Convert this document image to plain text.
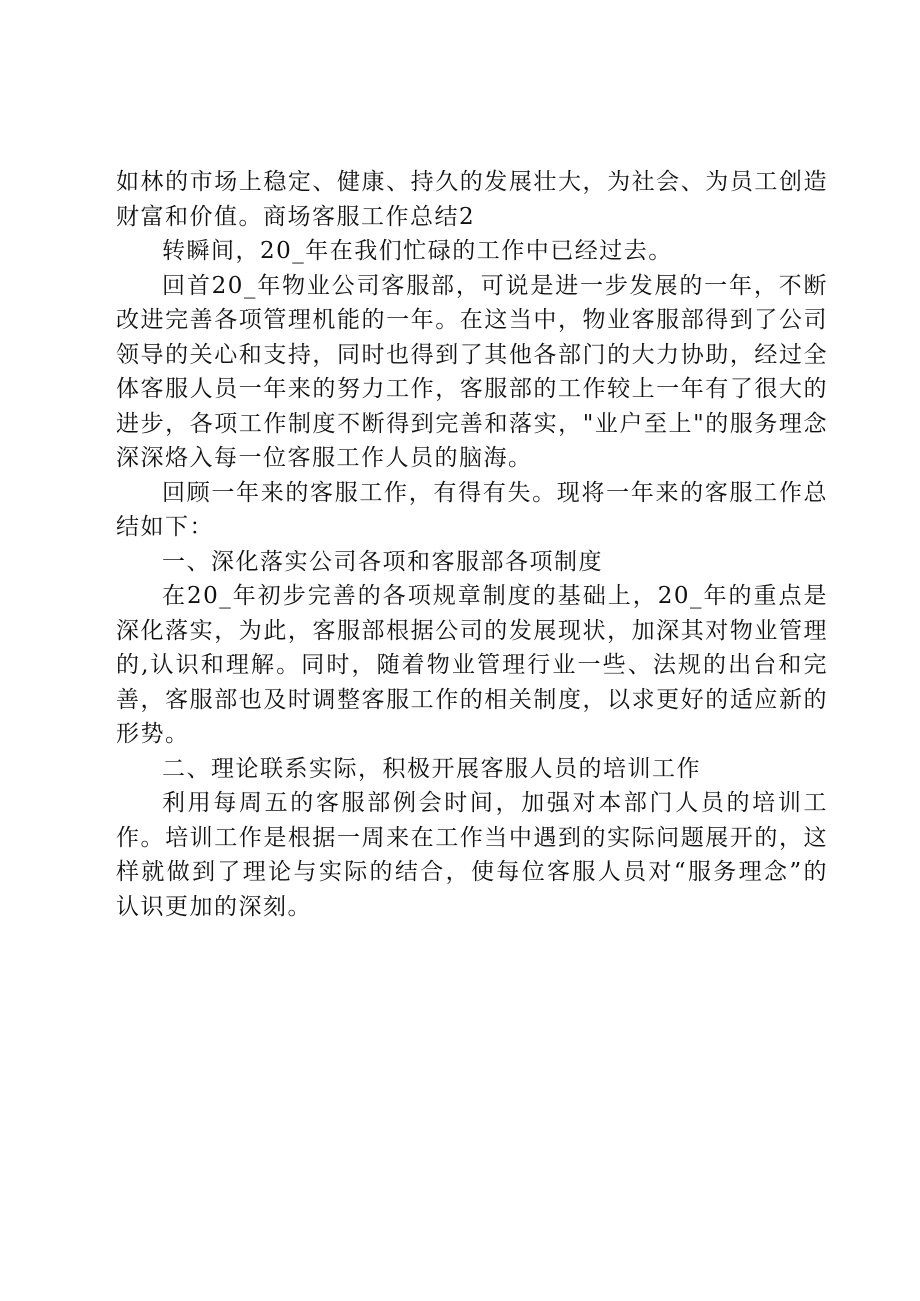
如林的市场上稳定、健康、持久的发展壮大，为社会、为员工创造财富和价值。商场客服工作总结2

转瞬间，20_年在我们忙碌的工作中已经过去。

回首20_年物业公司客服部，可说是进一步发展的一年，不断改进完善各项管理机能的一年。在这当中，物业客服部得到了公司领导的关心和支持，同时也得到了其他各部门的大力协助，经过全体客服人员一年来的努力工作，客服部的工作较上一年有了很大的进步，各项工作制度不断得到完善和落实，"业户至上"的服务理念深深烙入每一位客服工作人员的脑海。

回顾一年来的客服工作，有得有失。现将一年来的客服工作总结如下：

一、深化落实公司各项和客服部各项制度

在20_年初步完善的各项规章制度的基础上，20_年的重点是深化落实，为此，客服部根据公司的发展现状，加深其对物业管理的,认识和理解。同时，随着物业管理行业一些、法规的出台和完善，客服部也及时调整客服工作的相关制度，以求更好的适应新的形势。

二、理论联系实际，积极开展客服人员的培训工作

利用每周五的客服部例会时间，加强对本部门人员的培训工作。培训工作是根据一周来在工作当中遇到的实际问题展开的，这样就做到了理论与实际的结合，使每位客服人员对“服务理念”的认识更加的深刻。
